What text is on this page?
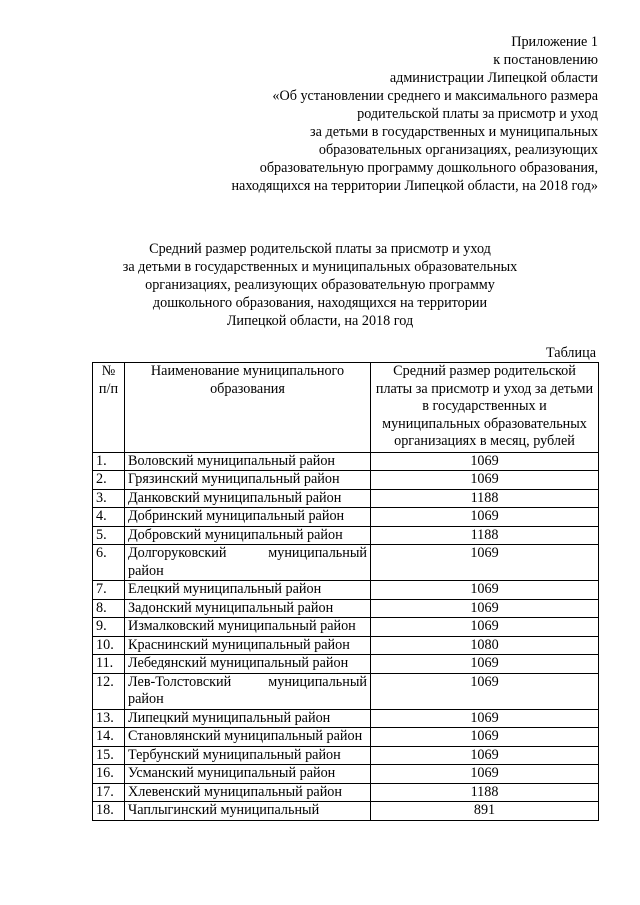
Приложение 1
к постановлению
администрации Липецкой области
«Об установлении среднего и максимального размера
родительской платы за присмотр и уход
за детьми в государственных и муниципальных
образовательных организациях, реализующих
образовательную программу дошкольного образования,
находящихся на территории Липецкой области, на 2018 год»
Средний размер родительской платы за присмотр и уход
за детьми в государственных и муниципальных образовательных
организациях, реализующих образовательную программу
дошкольного образования, находящихся на территории
Липецкой области, на 2018 год
Таблица
№
п/п	Наименование муниципального образования	Средний размер родительской платы за присмотр и уход за детьми в государственных и муниципальных образовательных организациях в месяц, рублей

1.	Воловский муниципальный район	1069
2.	Грязинский муниципальный район	1069
3.	Данковский муниципальный район	1188
4.	Добринский муниципальный район	1069
5.	Добровский муниципальный район	1188
6.	Долгоруковский муниципальный район	1069
7.	Елецкий муниципальный район	1069
8.	Задонский муниципальный район	1069
9.	Измалковский муниципальный район	1069
10.	Краснинский муниципальный район	1080
11.	Лебедянский муниципальный район	1069
12.	Лев-Толстовский муниципальный район	1069
13.	Липецкий муниципальный район	1069
14.	Становлянский муниципальный район	1069
15.	Тербунский муниципальный район	1069
16.	Усманский муниципальный район	1069
17.	Хлевенский муниципальный район	1188
18.	Чаплыгинский муниципальный	891
